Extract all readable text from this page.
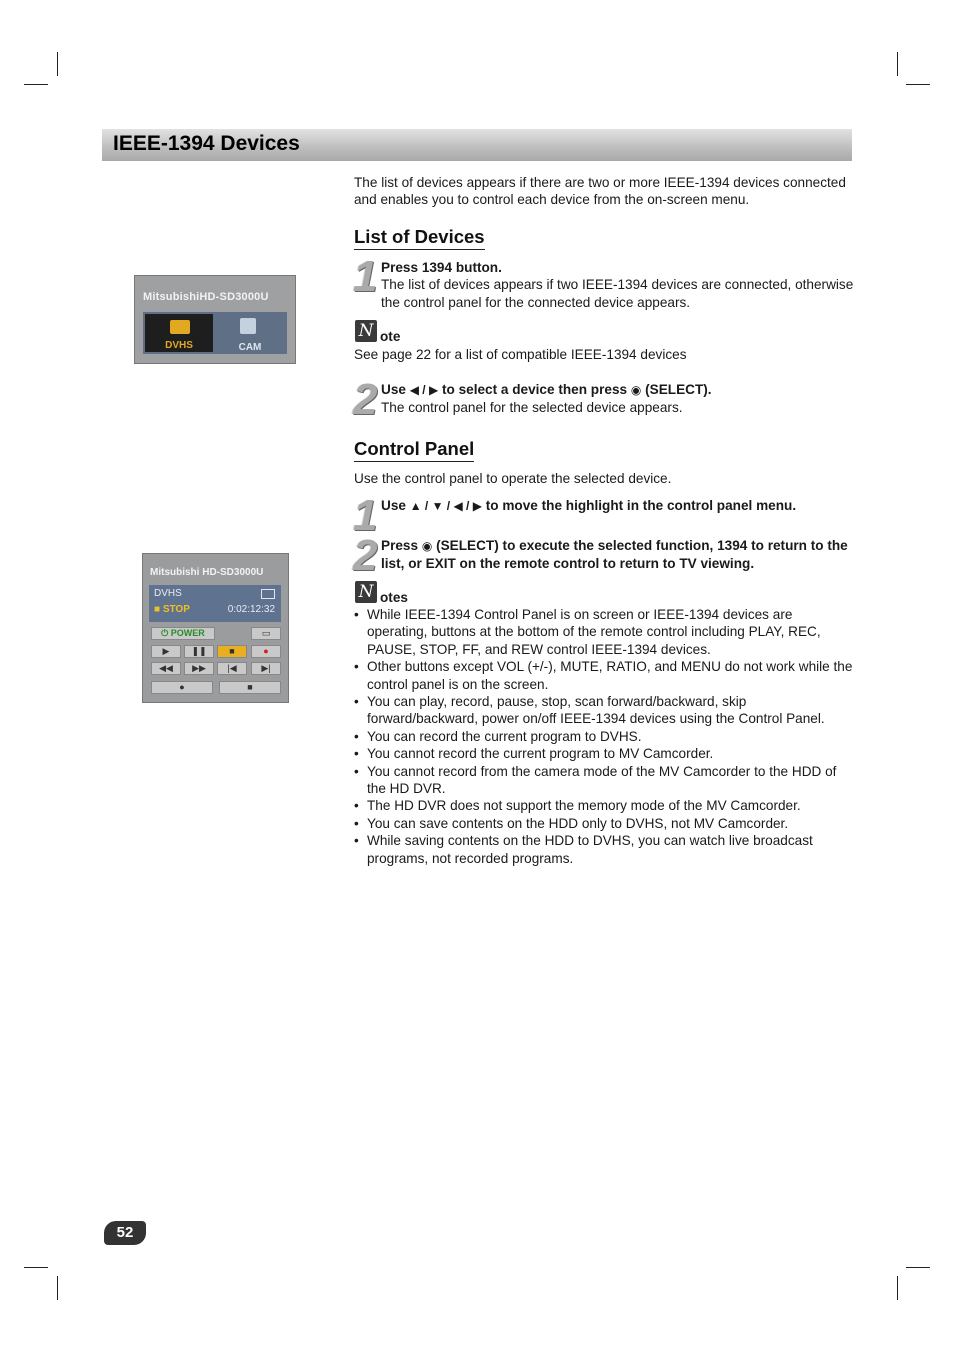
IEEE-1394 Devices
The list of devices appears if there are two or more IEEE-1394 devices connected and enables you to control each device from the on-screen menu.
List of Devices
1 Press 1394 button.
The list of devices appears if two IEEE-1394 devices are connected, otherwise the control panel for the connected device appears.
N ote
See page 22 for a list of compatible IEEE-1394 devices
2 Use ◀ / ▶ to select a device then press ◉ (SELECT).
The control panel for the selected device appears.
Control Panel
Use the control panel to operate the selected device.
1 Use ▲ / ▼ / ◀ / ▶ to move the highlight in the control panel menu.
2 Press ◉ (SELECT) to execute the selected function, 1394 to return to the list, or EXIT on the remote control to return to TV viewing.
N otes
• While IEEE-1394 Control Panel is on screen or IEEE-1394 devices are operating, buttons at the bottom of the remote control including PLAY, REC, PAUSE, STOP, FF, and REW control IEEE-1394 devices.
• Other buttons except VOL (+/-), MUTE, RATIO, and MENU do not work while the control panel is on the screen.
• You can play, record, pause, stop, scan forward/backward, skip forward/backward, power on/off IEEE-1394 devices using the Control Panel.
• You can record the current program to DVHS.
• You cannot record the current program to MV Camcorder.
• You cannot record from the camera mode of the MV Camcorder to the HDD of the HD DVR.
• The HD DVR does not support the memory mode of the MV Camcorder.
• You can save contents on the HDD only to DVHS, not MV Camcorder.
• While saving contents on the HDD to DVHS, you can watch live broadcast programs, not recorded programs.
MitsubishiHD-SD3000U
DVHS	CAM
Mitsubishi HD-SD3000U
DVHS
■ STOP	0:02:12:32
⏻ POWER	▭
▶	❚❚	■	●
◀◀	▶▶	|◀	▶|
●	■
52
